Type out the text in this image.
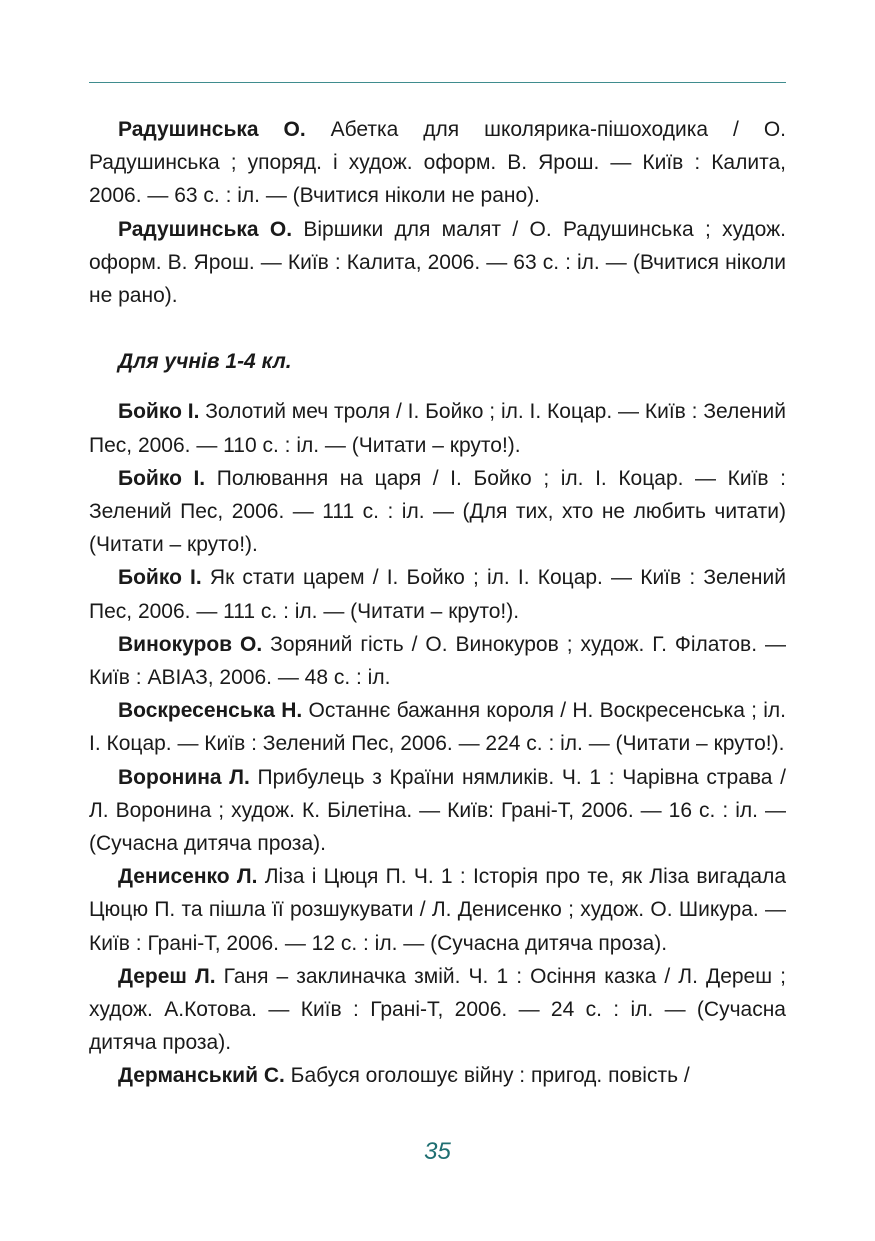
Радушинська О. Абетка для школярика-пішоходика / О. Радушинська ; упоряд. і худож. оформ. В. Ярош. — Київ : Калита, 2006. — 63 с. : іл. — (Вчитися ніколи не рано).

Радушинська О. Віршики для малят / О. Радушинська ; худож. оформ. В. Ярош. — Київ : Калита, 2006. — 63 с. : іл. — (Вчитися ніколи не рано).

Для учнів 1-4 кл.

Бойко І. Золотий меч троля / І. Бойко ; іл. І. Коцар. — Київ : Зелений Пес, 2006. — 110 с. : іл. — (Читати – круто!).

Бойко І. Полювання на царя / І. Бойко ; іл. І. Коцар. — Київ : Зелений Пес, 2006. — 111 с. : іл. — (Для тих, хто не любить читати) (Читати – круто!).

Бойко І. Як стати царем / І. Бойко ; іл. І. Коцар. — Київ : Зелений Пес, 2006. — 111 с. : іл. — (Читати – круто!).

Винокуров О. Зоряний гість / О. Винокуров ; худож. Г. Філатов. — Київ : АВІАЗ, 2006. — 48 с. : іл.

Воскресенська Н. Останнє бажання короля / Н. Воскресенська ; іл. І. Коцар. — Київ : Зелений Пес, 2006. — 224 с. : іл. — (Читати – круто!).

Воронина Л. Прибулець з Країни нямликів. Ч. 1 : Чарівна страва / Л. Воронина ; худож. К. Білетіна. — Київ: Грані-Т, 2006. — 16 с. : іл. — (Сучасна дитяча проза).

Денисенко Л. Ліза і Цюця П. Ч. 1 : Історія про те, як Ліза вигадала Цюцю П. та пішла її розшукувати / Л. Денисенко ; худож. О. Шикура. — Київ : Грані-Т, 2006. — 12 с. : іл. — (Сучасна дитяча проза).

Дереш Л. Ганя – заклиначка змій. Ч. 1 : Осіння казка / Л. Дереш ; худож. А.Котова. — Київ : Грані-Т, 2006. — 24 с. : іл. — (Сучасна дитяча проза).

Дерманський С. Бабуся оголошує війну : пригод. повість /

35
